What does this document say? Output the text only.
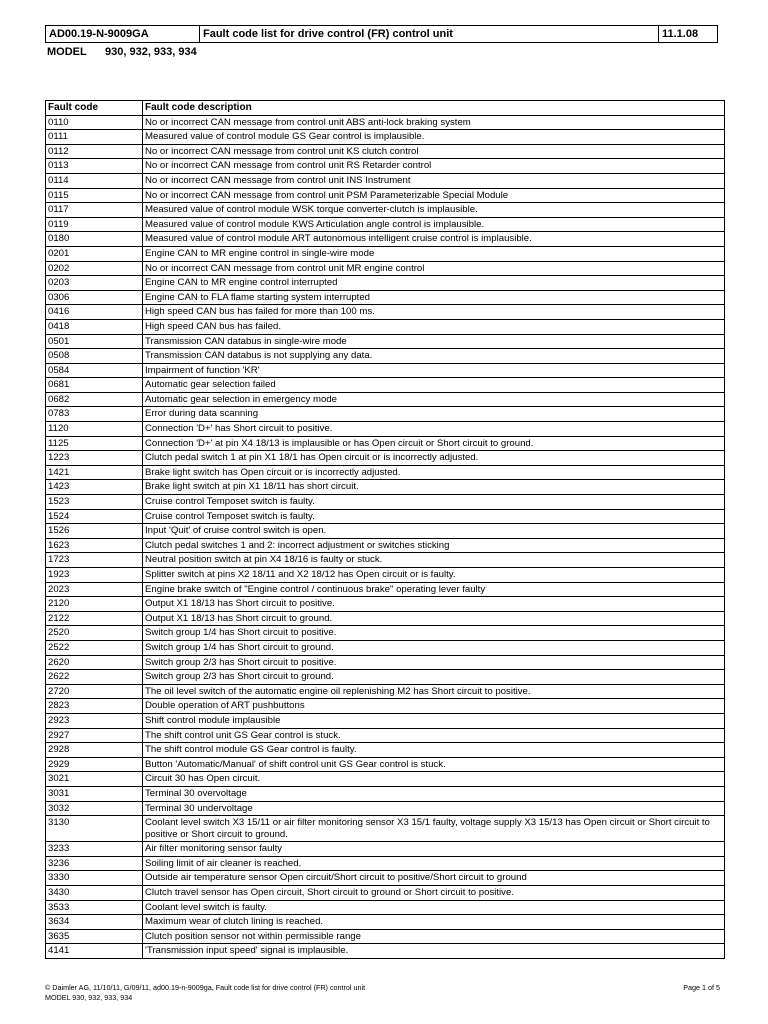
AD00.19-N-9009GA	Fault code list for drive control (FR) control unit	11.1.08
MODEL 930, 932, 933, 934
Fault code	Fault code description
0110	No or incorrect CAN message from control unit ABS anti-lock braking system
0111	Measured value of control module GS Gear control is implausible.
0112	No or incorrect CAN message from control unit KS clutch control
0113	No or incorrect CAN message from control unit RS Retarder control
0114	No or incorrect CAN message from control unit INS Instrument
0115	No or incorrect CAN message from control unit PSM Parameterizable Special Module
0117	Measured value of control module WSK torque converter-clutch is implausible.
0119	Measured value of control module KWS Articulation angle control is implausible.
0180	Measured value of control module ART autonomous intelligent cruise control is implausible.
0201	Engine CAN to MR engine control in single-wire mode
0202	No or incorrect CAN message from control unit MR engine control
0203	Engine CAN to MR engine control interrupted
0306	Engine CAN to FLA flame starting system interrupted
0416	High speed CAN bus has failed for more than 100 ms.
0418	High speed CAN bus has failed.
0501	Transmission CAN databus in single-wire mode
0508	Transmission CAN databus is not supplying any data.
0584	Impairment of function 'KR'
0681	Automatic gear selection failed
0682	Automatic gear selection in emergency mode
0783	Error during data scanning
1120	Connection 'D+' has Short circuit to positive.
1125	Connection 'D+' at pin X4 18/13 is implausible or has Open circuit or Short circuit to ground.
1223	Clutch pedal switch 1 at pin X1 18/1 has Open circuit or is incorrectly adjusted.
1421	Brake light switch has Open circuit or is incorrectly adjusted.
1423	Brake light switch at pin X1 18/11 has short circuit.
1523	Cruise control Temposet switch is faulty.
1524	Cruise control Temposet switch is faulty.
1526	Input 'Quit' of cruise control switch is open.
1623	Clutch pedal switches 1 and 2: incorrect adjustment or switches sticking
1723	Neutral position switch at pin X4 18/16 is faulty or stuck.
1923	Splitter switch at pins X2 18/11 and X2 18/12 has Open circuit or is faulty.
2023	Engine brake switch of "Engine control / continuous brake" operating lever faulty
2120	Output X1 18/13 has Short circuit to positive.
2122	Output X1 18/13 has Short circuit to ground.
2520	Switch group 1/4 has Short circuit to positive.
2522	Switch group 1/4 has Short circuit to ground.
2620	Switch group 2/3 has Short circuit to positive.
2622	Switch group 2/3 has Short circuit to ground.
2720	The oil level switch of the automatic engine oil replenishing M2 has Short circuit to positive.
2823	Double operation of ART pushbuttons
2923	Shift control module implausible
2927	The shift control unit GS Gear control is stuck.
2928	The shift control module GS Gear control is faulty.
2929	Button 'Automatic/Manual' of shift control unit GS Gear control is stuck.
3021	Circuit 30 has Open circuit.
3031	Terminal 30 overvoltage
3032	Terminal 30 undervoltage
3130	Coolant level switch X3 15/11 or air filter monitoring sensor X3 15/1 faulty, voltage supply X3 15/13 has Open circuit or Short circuit to positive or Short circuit to ground.
3233	Air filter monitoring sensor faulty
3236	Soiling limit of air cleaner is reached.
3330	Outside air temperature sensor Open circuit/Short circuit to positive/Short circuit to ground
3430	Clutch travel sensor has Open circuit, Short circuit to ground or Short circuit to positive.
3533	Coolant level switch is faulty.
3634	Maximum wear of clutch lining is reached.
3635	Clutch position sensor not within permissible range
4141	'Transmission input speed' signal is implausible.
© Daimler AG, 11/10/11, G/09/11, ad00.19-n-9009ga, Fault code list for drive control (FR) control unit
MODEL 930, 932, 933, 934
Page 1 of 5
